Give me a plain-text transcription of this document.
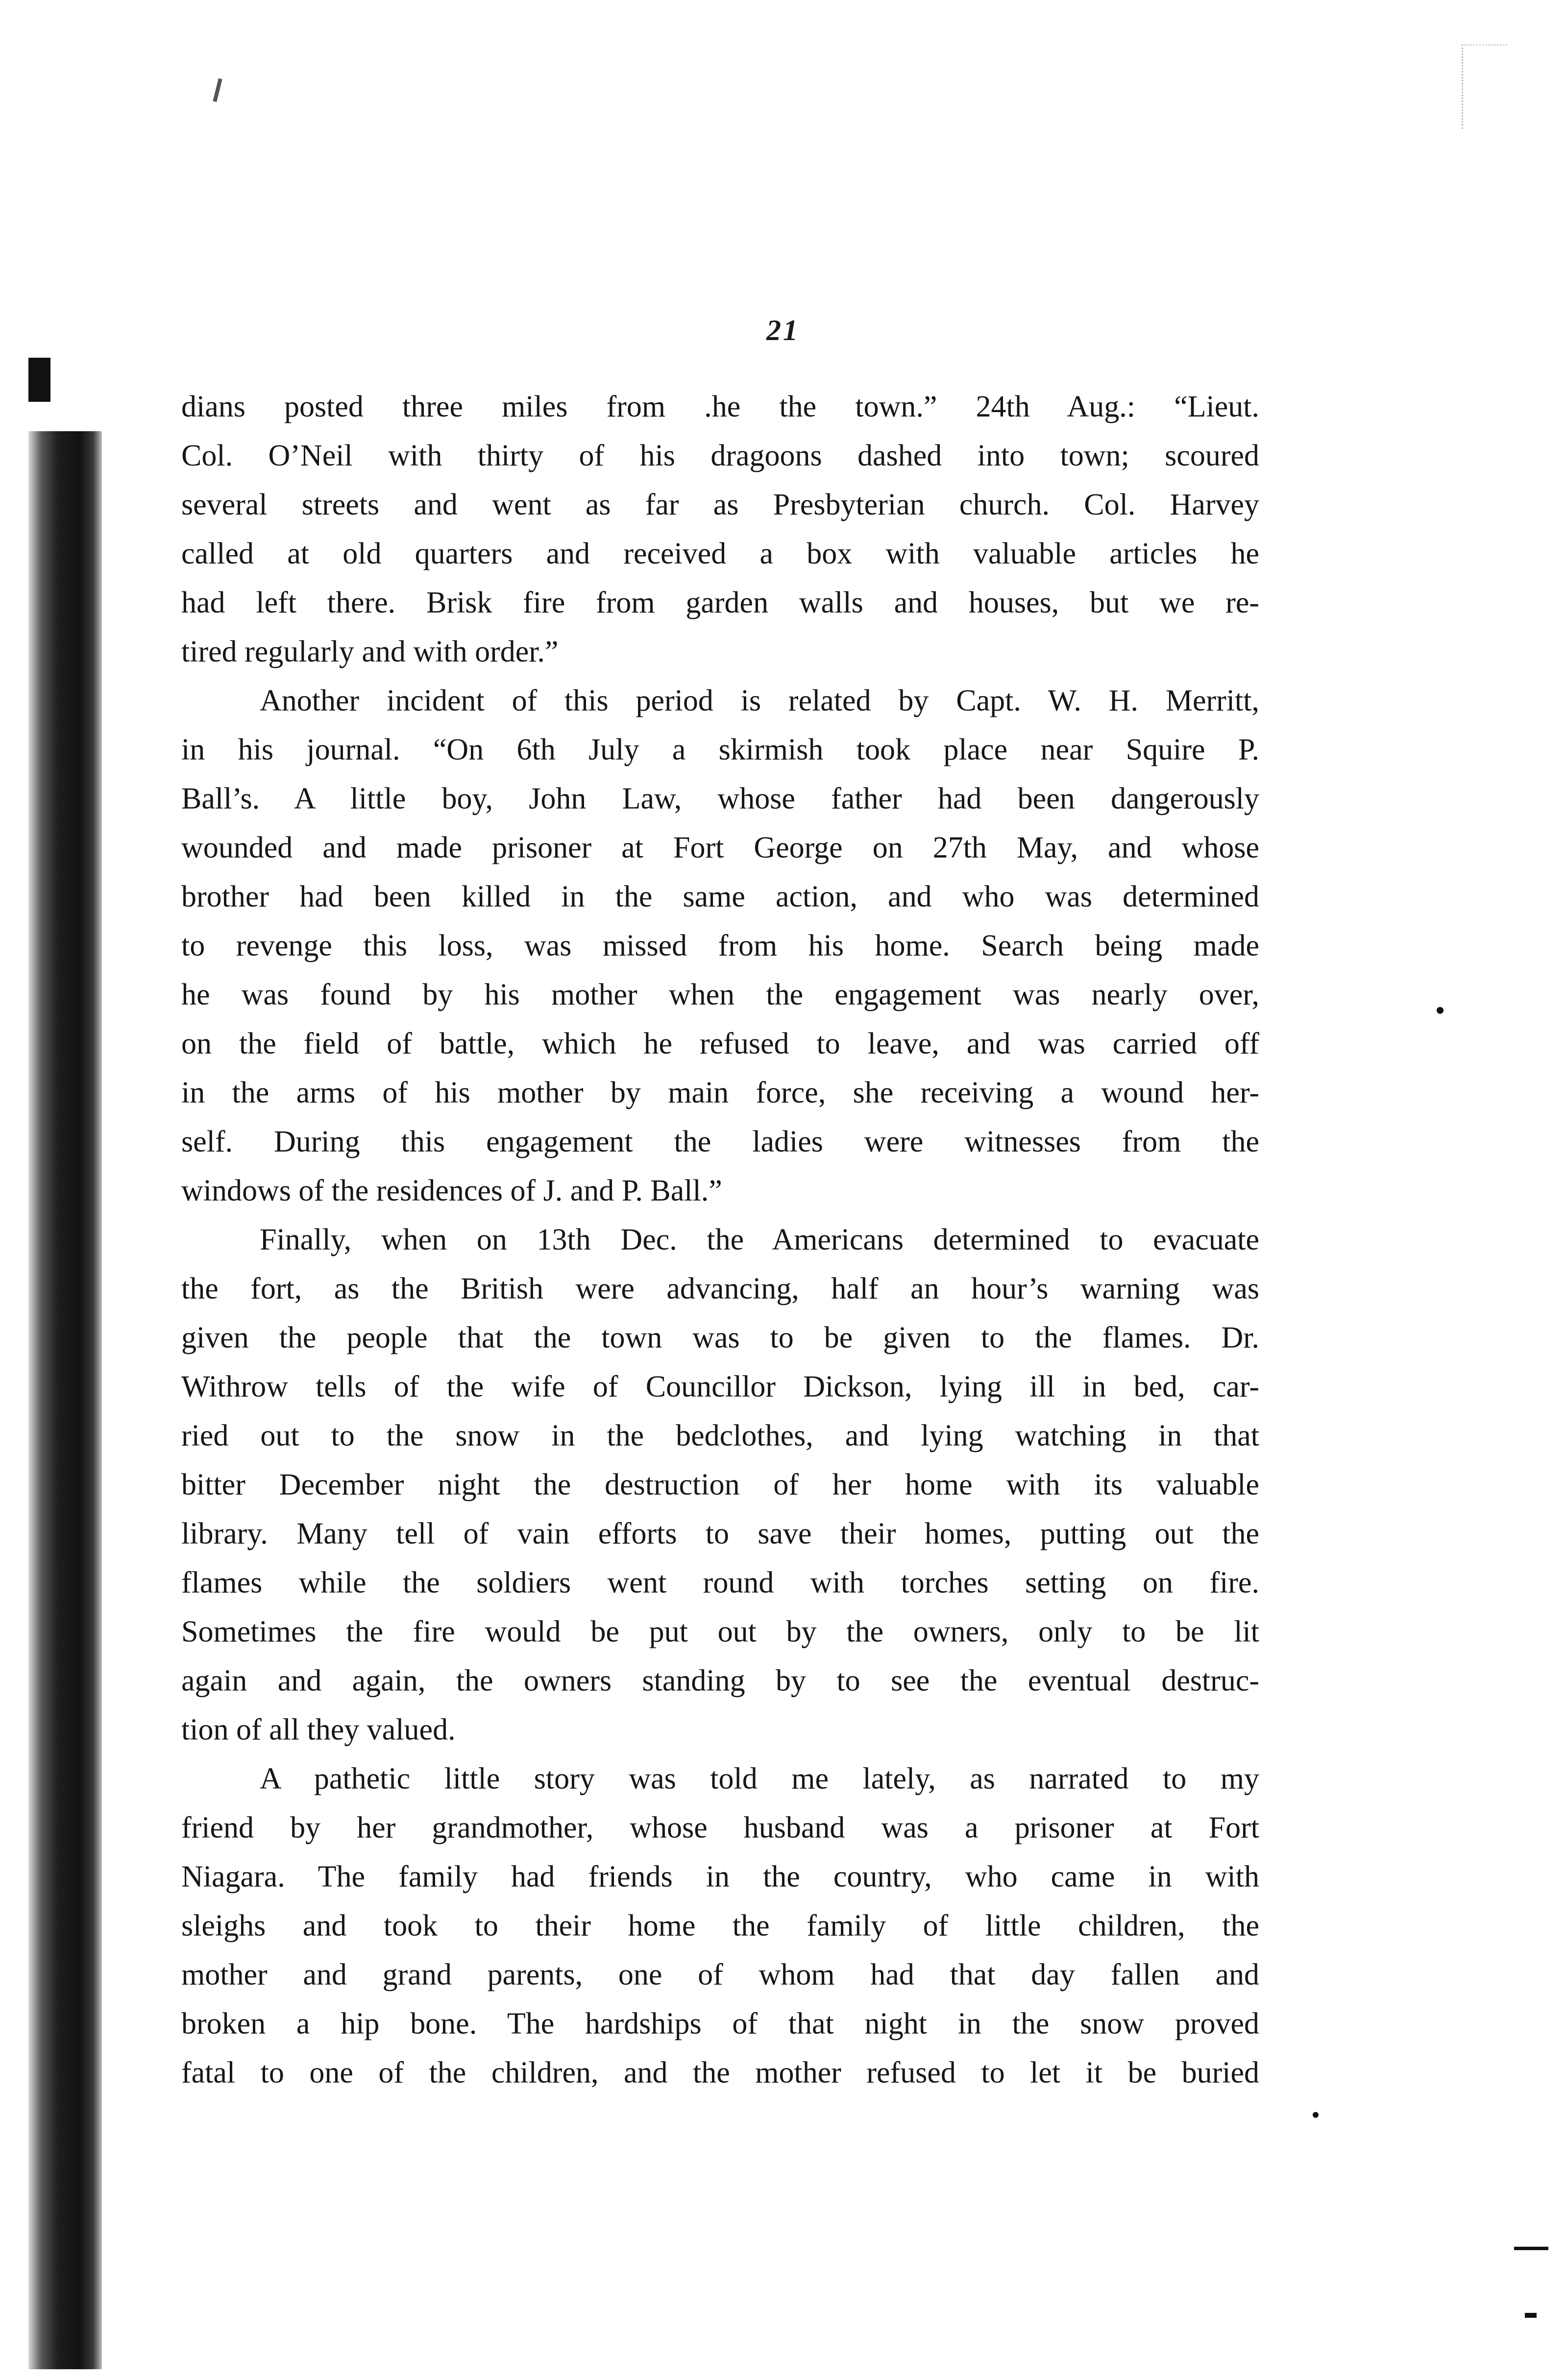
21

dians posted three miles from .he the town.” 24th Aug.: “Lieut.
Col. O’Neil with thirty of his dragoons dashed into town; scoured
several streets and went as far as Presbyterian church. Col. Harvey
called at old quarters and received a box with valuable articles he
had left there. Brisk fire from garden walls and houses, but we re-
tired regularly and with order.”

Another incident of this period is related by Capt. W. H. Merritt,
in his journal. “On 6th July a skirmish took place near Squire P.
Ball’s. A little boy, John Law, whose father had been dangerously
wounded and made prisoner at Fort George on 27th May, and whose
brother had been killed in the same action, and who was determined
to revenge this loss, was missed from his home. Search being made
he was found by his mother when the engagement was nearly over,
on the field of battle, which he refused to leave, and was carried off
in the arms of his mother by main force, she receiving a wound her-
self. During this engagement the ladies were witnesses from the
windows of the residences of J. and P. Ball.”

Finally, when on 13th Dec. the Americans determined to evacuate
the fort, as the British were advancing, half an hour’s warning was
given the people that the town was to be given to the flames. Dr.
Withrow tells of the wife of Councillor Dickson, lying ill in bed, car-
ried out to the snow in the bedclothes, and lying watching in that
bitter December night the destruction of her home with its valuable
library. Many tell of vain efforts to save their homes, putting out the
flames while the soldiers went round with torches setting on fire.
Sometimes the fire would be put out by the owners, only to be lit
again and again, the owners standing by to see the eventual destruc-
tion of all they valued.

A pathetic little story was told me lately, as narrated to my
friend by her grandmother, whose husband was a prisoner at Fort
Niagara. The family had friends in the country, who came in with
sleighs and took to their home the family of little children, the
mother and grand parents, one of whom had that day fallen and
broken a hip bone. The hardships of that night in the snow proved
fatal to one of the children, and the mother refused to let it be buried
